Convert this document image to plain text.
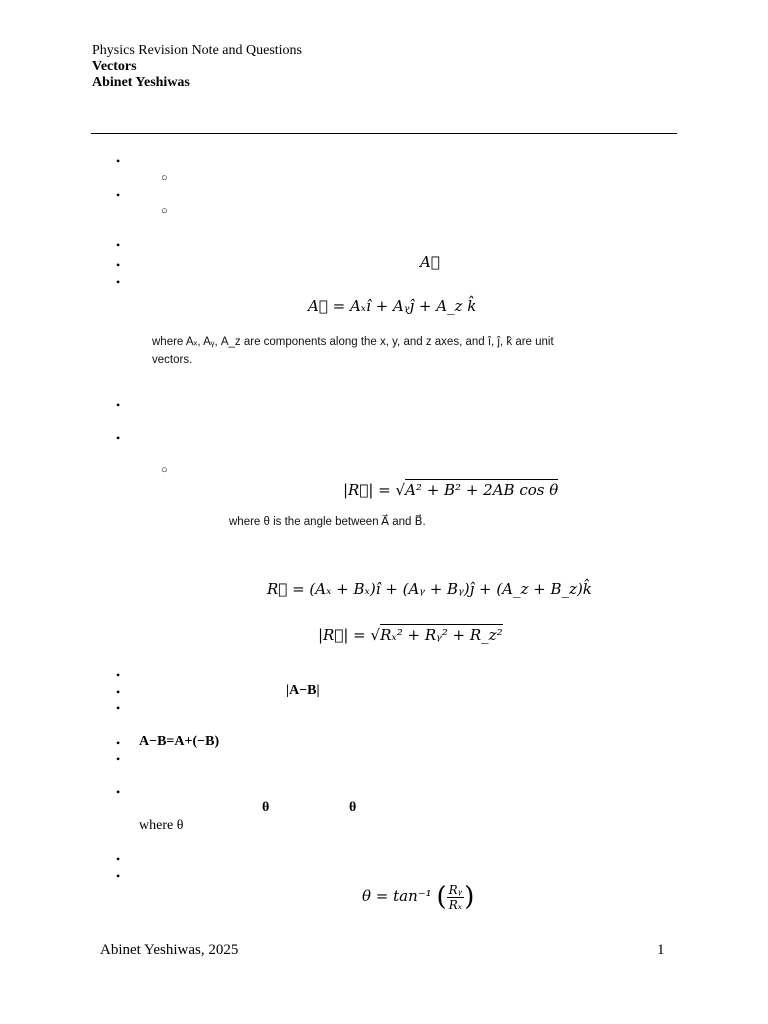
Physics Revision Note and Questions
Vectors
Abinet Yeshiwas
•
○
•
○
•
•	A⃗
•
A⃗ = Aₓî + Aᵧĵ + A_z k̂
where Aₓ, Aᵧ, A_z are components along the x, y, and z axes, and î, ĵ, k̂ are unit
vectors.
•
•
○
|R⃗| = √A² + B² + 2AB cos θ
where θ is the angle between A⃗ and B⃗.
R⃗ = (Aₓ + Bₓ)î + (Aᵧ + Bᵧ)ĵ + (A_z + B_z)k̂
|R⃗| = √Rₓ² + Rᵧ² + R_z²
•
•	|A−B|
•
• A−B=A+(−B)
•
•
θ	θ
where θ
•
•
θ = tan⁻¹ ( $\frac{\text{Rᵧ}}{\text{Rₓ}}$ )
Abinet Yeshiwas, 2025	1
